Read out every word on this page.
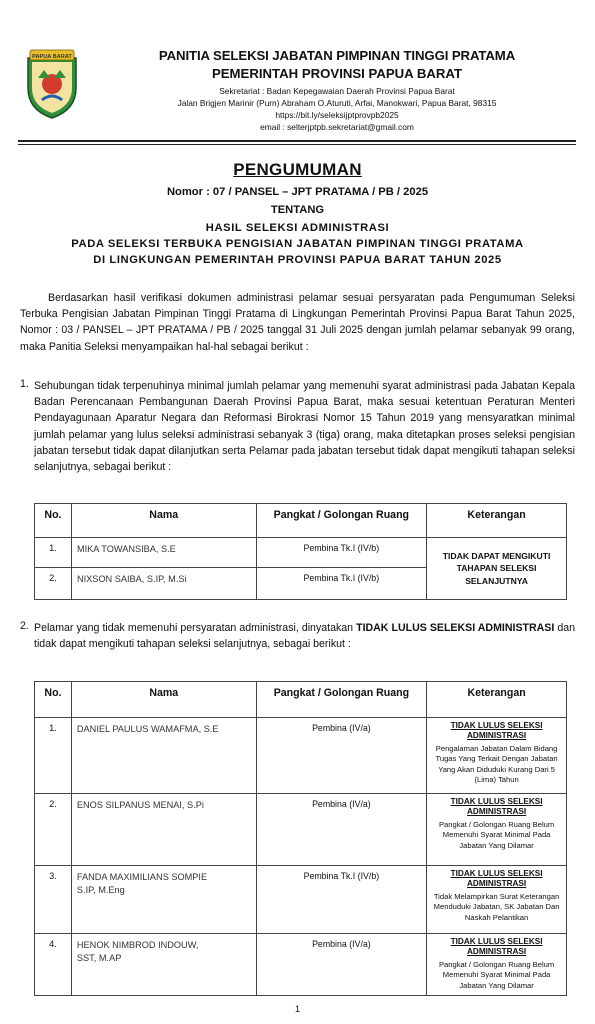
PAPUA BARAT	PANITIA SELEKSI JABATAN PIMPINAN TINGGI PRATAMA
PEMERINTAH PROVINSI PAPUA BARAT
Sekretariat : Badan Kepegawaian Daerah Provinsi Papua Barat
Jalan Brigjen Marinir (Purn) Abraham O.Aturuti, Arfai, Manokwari, Papua Barat, 98315
https://bit.ly/seleksijptprovpb2025
email : selterjptpb.sekretariat@gmail.com
PENGUMUMAN
Nomor : 07 / PANSEL – JPT PRATAMA / PB / 2025
TENTANG
HASIL SELEKSI ADMINISTRASI
PADA SELEKSI TERBUKA PENGISIAN JABATAN PIMPINAN TINGGI PRATAMA
DI LINGKUNGAN PEMERINTAH PROVINSI PAPUA BARAT TAHUN 2025
Berdasarkan hasil verifikasi dokumen administrasi pelamar sesuai persyaratan pada Pengumuman Seleksi Terbuka Pengisian Jabatan Pimpinan Tinggi Pratama di Lingkungan Pemerintah Provinsi Papua Barat Tahun 2025, Nomor : 03 / PANSEL – JPT PRATAMA / PB / 2025 tanggal 31 Juli 2025 dengan jumlah pelamar sebanyak 99 orang, maka Panitia Seleksi menyampaikan hal-hal sebagai berikut :
1. Sehubungan tidak terpenuhinya minimal jumlah pelamar yang memenuhi syarat administrasi pada Jabatan Kepala Badan Perencanaan Pembangunan Daerah Provinsi Papua Barat, maka sesuai ketentuan Peraturan Menteri Pendayagunaan Aparatur Negara dan Reformasi Birokrasi Nomor 15 Tahun 2019 yang mensyaratkan minimal jumlah pelamar yang lulus seleksi administrasi sebanyak 3 (tiga) orang, maka ditetapkan proses seleksi pengisian jabatan tersebut tidak dapat dilanjutkan serta Pelamar pada jabatan tersebut tidak dapat mengikuti tahapan seleksi selanjutnya, sebagai berikut :
No.	Nama	Pangkat / Golongan Ruang	Keterangan
1.	MIKA TOWANSIBA, S.E	Pembina Tk.I (IV/b)	TIDAK DAPAT MENGIKUTI TAHAPAN SELEKSI SELANJUTNYA
2.	NIXSON SAIBA, S.IP, M.Si	Pembina Tk.I (IV/b)	
2. Pelamar yang tidak memenuhi persyaratan administrasi, dinyatakan TIDAK LULUS SELEKSI ADMINISTRASI dan tidak dapat mengikuti tahapan seleksi selanjutnya, sebagai berikut :
No.	Nama	Pangkat / Golongan Ruang	Keterangan
1.	DANIEL PAULUS WAMAFMA, S.E	Pembina (IV/a)	TIDAK LULUS SELEKSI ADMINISTRASI
Pengalaman Jabatan Dalam Bidang Tugas Yang Terkait Dengan Jabatan Yang Akan Diduduki Kurang Dari 5 (Lima) Tahun

2.	ENOS SILPANUS MENAI, S.Pi	Pembina (IV/a)	TIDAK LULUS SELEKSI ADMINISTRASI
Pangkat / Golongan Ruang Belum Memenuhi Syarat Minimal Pada Jabatan Yang Dilamar

3.	FANDA MAXIMILIANS SOMPIE S.IP, M.Eng	Pembina Tk.I (IV/b)	TIDAK LULUS SELEKSI ADMINISTRASI
Tidak Melampirkan Surat Keterangan Menduduki Jabatan, SK Jabatan Dan Naskah Pelantikan

4.	HENOK NIMBROD INDOUW, SST, M.AP	Pembina (IV/a)	TIDAK LULUS SELEKSI ADMINISTRASI
Pangkat / Golongan Ruang Belum Memenuhi Syarat Minimal Pada Jabatan Yang Dilamar
1
